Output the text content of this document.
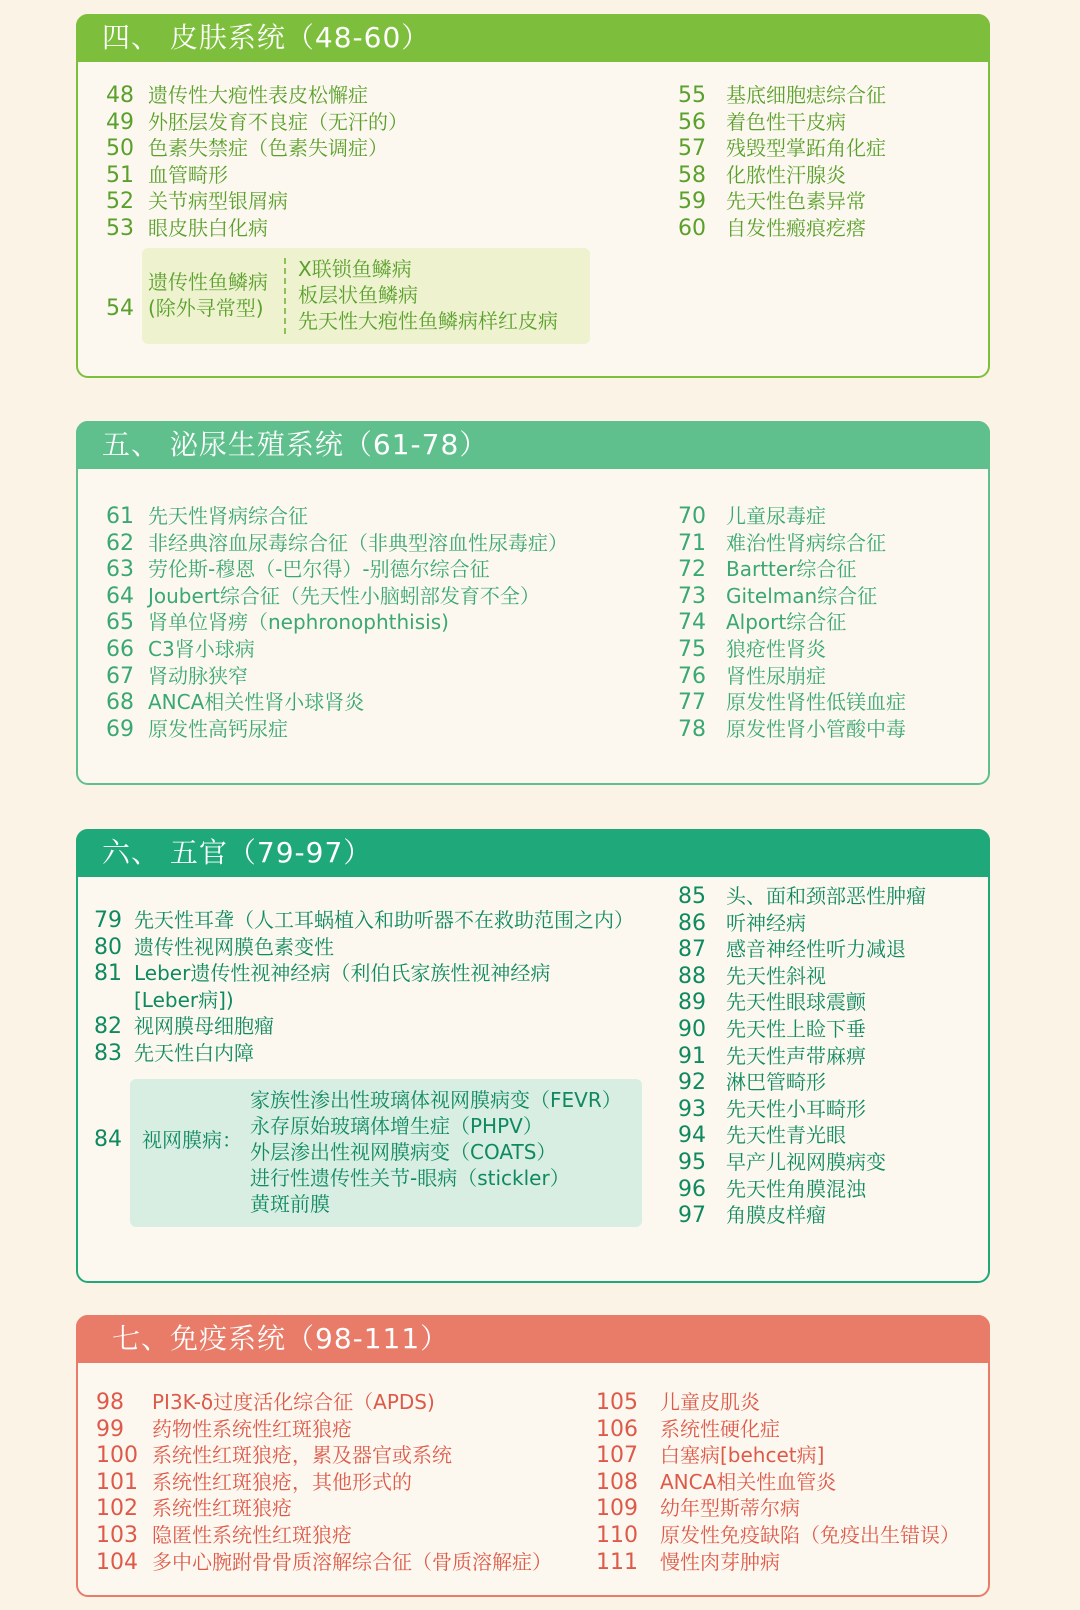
四、 皮肤系统（48-60）
48 遗传性大疱性表皮松懈症
49 外胚层发育不良症（无汗的）
50 色素失禁症（色素失调症）
51 血管畸形
52 关节病型银屑病
53 眼皮肤白化病
54
遗传性鱼鳞病
(除外寻常型)
X联锁鱼鳞病
板层状鱼鳞病
先天性大疱性鱼鳞病样红皮病
55 基底细胞痣综合征
56 着色性干皮病
57 残毁型掌跖角化症
58 化脓性汗腺炎
59 先天性色素异常
60 自发性瘢痕疙瘩
五、 泌尿生殖系统（61-78）
61 先天性肾病综合征
62 非经典溶血尿毒综合征（非典型溶血性尿毒症）
63 劳伦斯-穆恩（-巴尔得）-别德尔综合征
64 Joubert综合征（先天性小脑蚓部发育不全）
65 肾单位肾痨（nephronophthisis)
66 C3肾小球病
67 肾动脉狭窄
68 ANCA相关性肾小球肾炎
69 原发性高钙尿症
70 儿童尿毒症
71 难治性肾病综合征
72 Bartter综合征
73 Gitelman综合征
74 Alport综合征
75 狼疮性肾炎
76 肾性尿崩症
77 原发性肾性低镁血症
78 原发性肾小管酸中毒
六、 五官（79-97）
79 先天性耳聋（人工耳蜗植入和助听器不在救助范围之内）
80 遗传性视网膜色素变性
81 Leber遗传性视神经病（利伯氏家族性视神经病
[Leber病])
82 视网膜母细胞瘤
83 先天性白内障
84 视网膜病：
家族性渗出性玻璃体视网膜病变（FEVR）
永存原始玻璃体增生症（PHPV）
外层渗出性视网膜病变（COATS）
进行性遗传性关节-眼病（stickler）
黄斑前膜
85 头、面和颈部恶性肿瘤
86 听神经病
87 感音神经性听力减退
88 先天性斜视
89 先天性眼球震颤
90 先天性上睑下垂
91 先天性声带麻痹
92 淋巴管畸形
93 先天性小耳畸形
94 先天性青光眼
95 早产儿视网膜病变
96 先天性角膜混浊
97 角膜皮样瘤
七、免疫系统（98-111）
98 PI3K-δ过度活化综合征（APDS)
99 药物性系统性红斑狼疮
100 系统性红斑狼疮，累及器官或系统
101 系统性红斑狼疮，其他形式的
102 系统性红斑狼疮
103 隐匿性系统性红斑狼疮
104 多中心腕跗骨骨质溶解综合征（骨质溶解症）
105 儿童皮肌炎
106 系统性硬化症
107 白塞病[behcet病]
108 ANCA相关性血管炎
109 幼年型斯蒂尔病
110 原发性免疫缺陷（免疫出生错误）
111 慢性肉芽肿病
